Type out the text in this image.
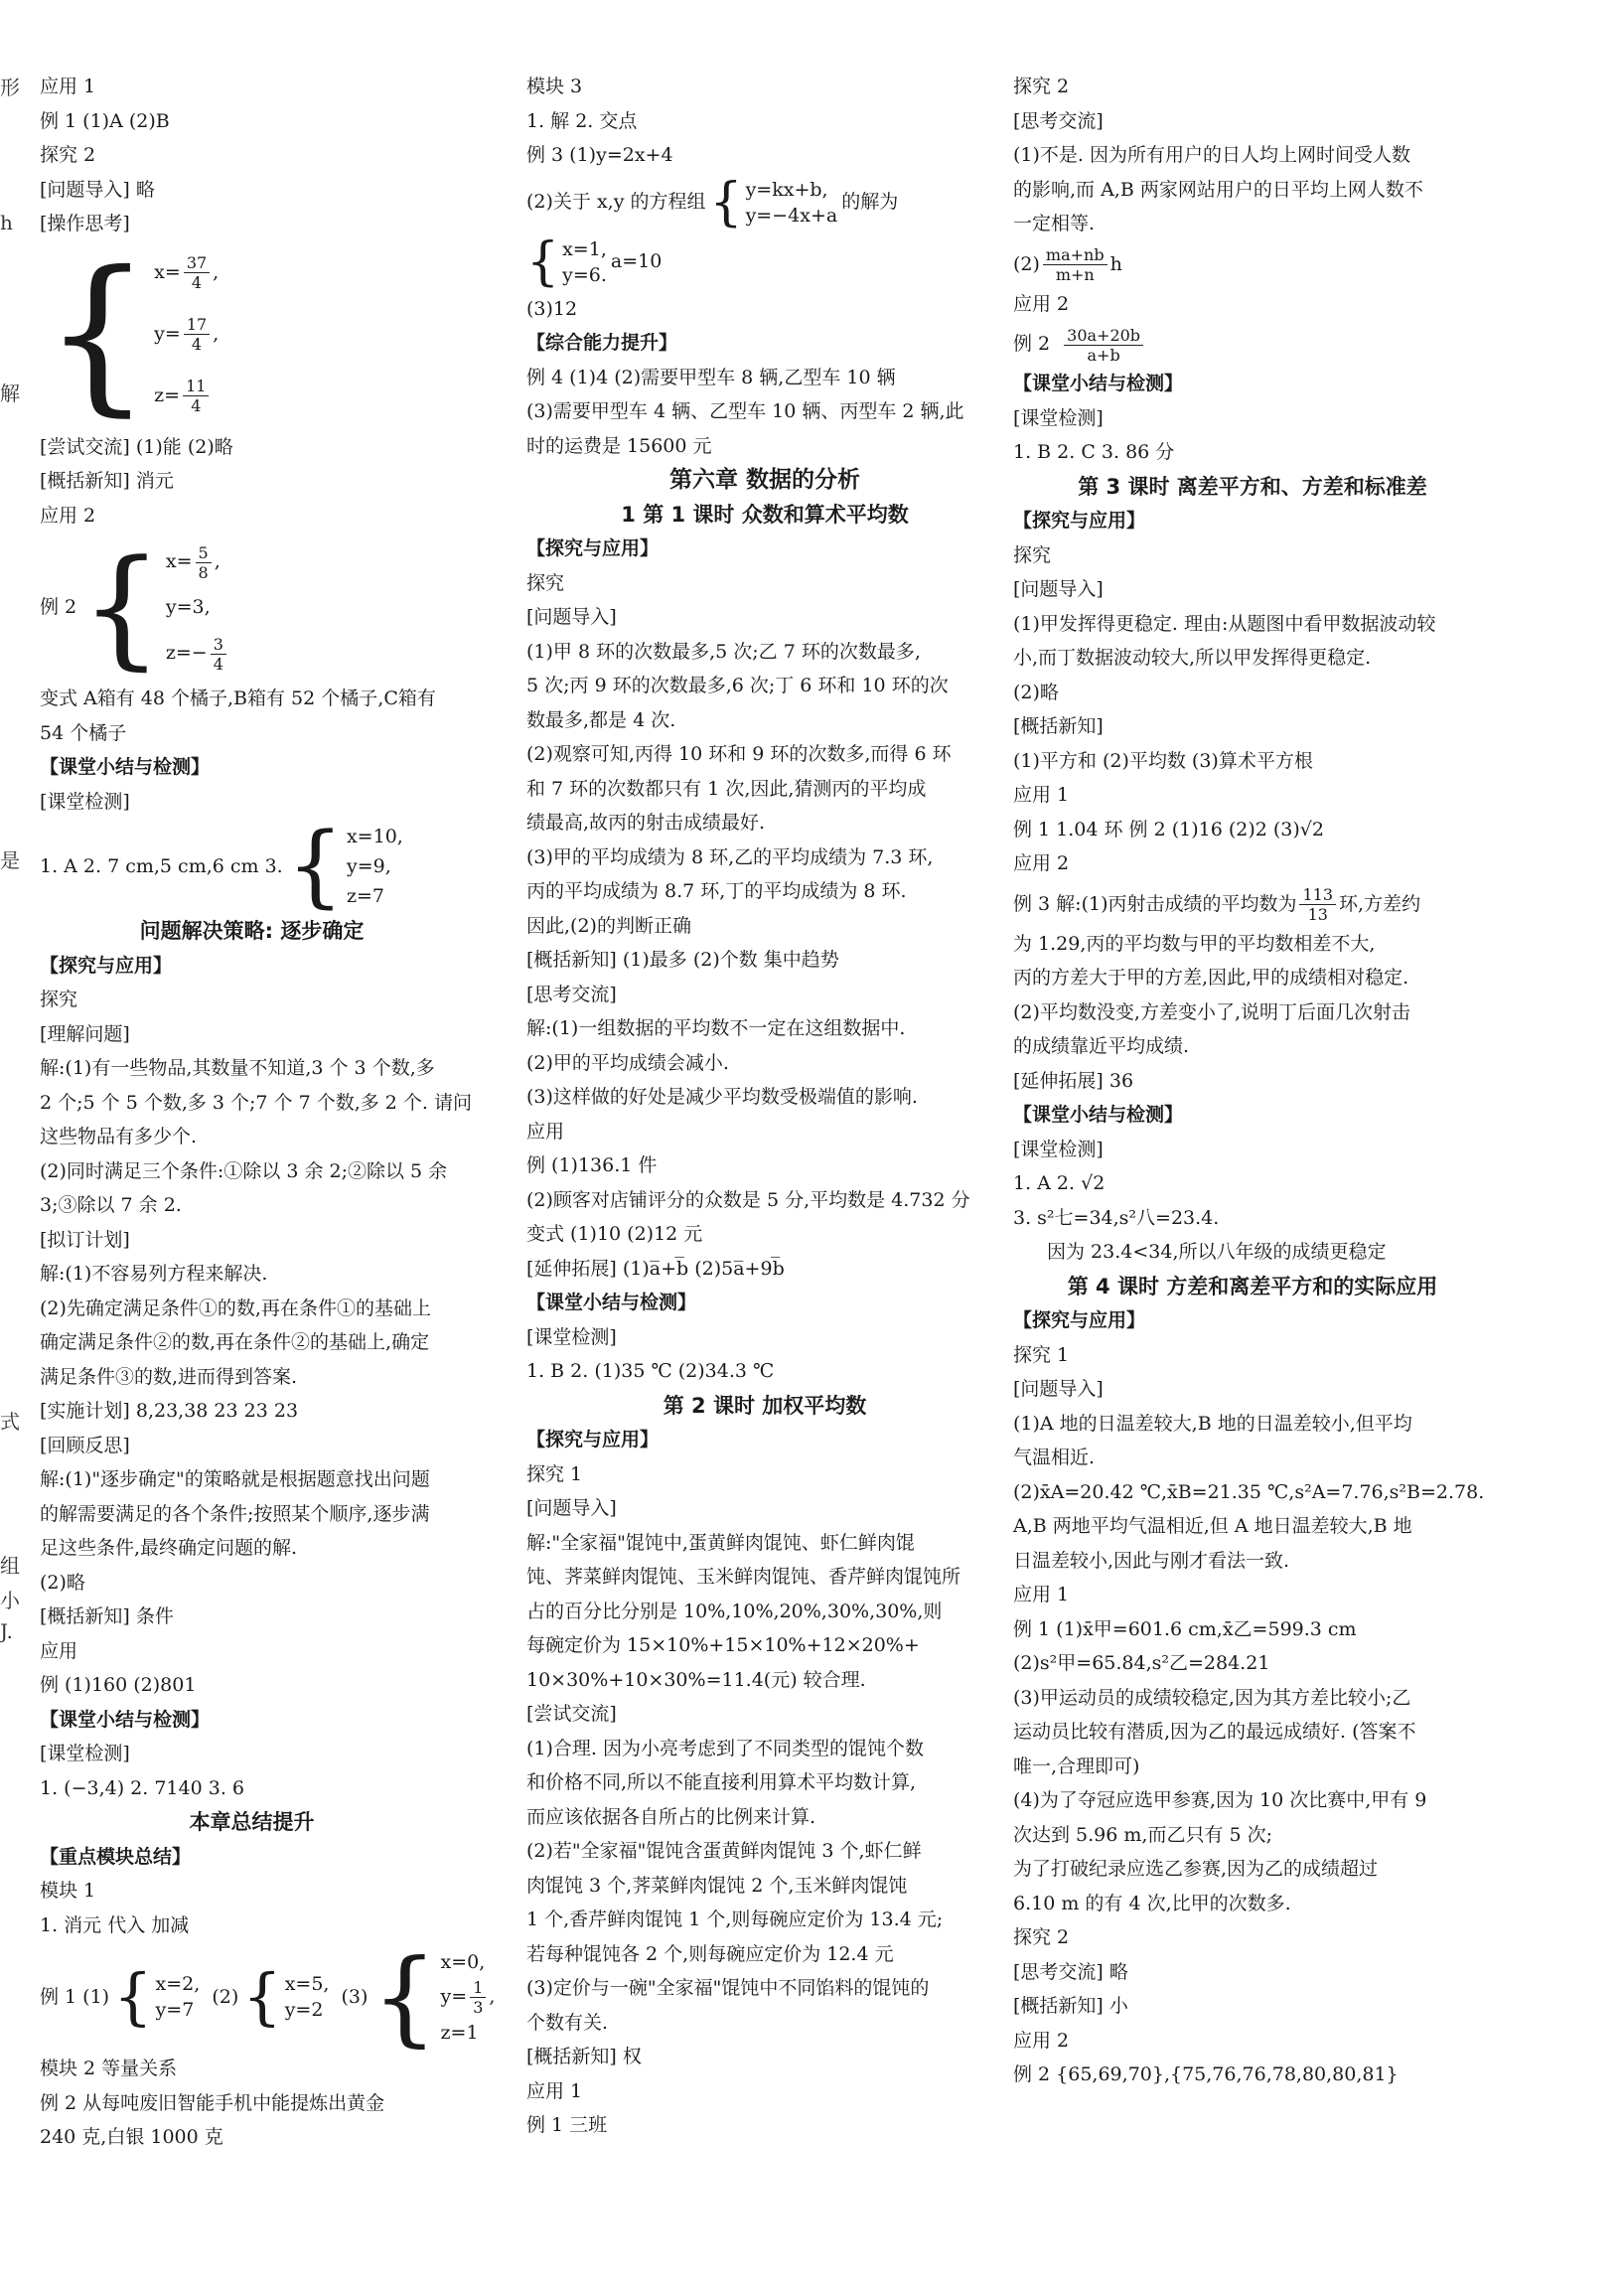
形
h
解
是
式
组
小
J.
应用 1
例 1 (1)A (2)B
探究 2
[问题导入] 略
[操作思考]
{ $x= \frac{37}{4}$ ,
$y= \frac{17}{4}$ ,
$z= \frac{11}{4}$
[尝试交流] (1)能 (2)略
[概括新知] 消元
应用 2
例 2 { $x= \frac{5}{8}$ ,
y=3,
$z=- \frac{3}{4}$
变式 A箱有 48 个橘子,B箱有 52 个橘子,C箱有
54 个橘子
【课堂小结与检测】
[课堂检测]
1. A 2. 7 cm,5 cm,6 cm 3. { x=10,
y=9,
z=7
问题解决策略: 逐步确定
【探究与应用】
探究
[理解问题]
解:(1)有一些物品,其数量不知道,3 个 3 个数,多
2 个;5 个 5 个数,多 3 个;7 个 7 个数,多 2 个. 请问
这些物品有多少个.
(2)同时满足三个条件:①除以 3 余 2;②除以 5 余
3;③除以 7 余 2.
[拟订计划]
解:(1)不容易列方程来解决.
(2)先确定满足条件①的数,再在条件①的基础上
确定满足条件②的数,再在条件②的基础上,确定
满足条件③的数,进而得到答案.
[实施计划] 8,23,38 23 23 23
[回顾反思]
解:(1)"逐步确定"的策略就是根据题意找出问题
的解需要满足的各个条件;按照某个顺序,逐步满
足这些条件,最终确定问题的解.
(2)略
[概括新知] 条件
应用
例 (1)160 (2)801
【课堂小结与检测】
[课堂检测]
1. (−3,4) 2. 7140 3. 6
本章总结提升
【重点模块总结】
模块 1
1. 消元 代入 加减
例 1 (1) { x=2,
y=7
(2) { x=5,
y=2
(3) { x=0,
$y= \frac{1}{3}$ ,
z=1
模块 2 等量关系
例 2 从每吨废旧智能手机中能提炼出黄金
240 克,白银 1000 克
模块 3
1. 解 2. 交点
例 3 (1)y=2x+4
(2)关于 x,y 的方程组 { y=kx+b,
y=−4x+a
的解为
{ x=1,
y=6.
a=10
(3)12
【综合能力提升】
例 4 (1)4 (2)需要甲型车 8 辆,乙型车 10 辆
(3)需要甲型车 4 辆、乙型车 10 辆、丙型车 2 辆,此
时的运费是 15600 元
第六章 数据的分析
1 第 1 课时 众数和算术平均数
【探究与应用】
探究
[问题导入]
(1)甲 8 环的次数最多,5 次;乙 7 环的次数最多,
5 次;丙 9 环的次数最多,6 次;丁 6 环和 10 环的次
数最多,都是 4 次.
(2)观察可知,丙得 10 环和 9 环的次数多,而得 6 环
和 7 环的次数都只有 1 次,因此,猜测丙的平均成
绩最高,故丙的射击成绩最好.
(3)甲的平均成绩为 8 环,乙的平均成绩为 7.3 环,
丙的平均成绩为 8.7 环,丁的平均成绩为 8 环.
因此,(2)的判断正确
[概括新知] (1)最多 (2)个数 集中趋势
[思考交流]
解:(1)一组数据的平均数不一定在这组数据中.
(2)甲的平均成绩会减小.
(3)这样做的好处是减少平均数受极端值的影响.
应用
例 (1)136.1 件
(2)顾客对店铺评分的众数是 5 分,平均数是 4.732 分
变式 (1)10 (2)12 元
[延伸拓展] (1)a̅+b̅ (2)5a̅+9b̅
【课堂小结与检测】
[课堂检测]
1. B 2. (1)35 ℃ (2)34.3 ℃
第 2 课时 加权平均数
【探究与应用】
探究 1
[问题导入]
解:"全家福"馄饨中,蛋黄鲜肉馄饨、虾仁鲜肉馄
饨、荠菜鲜肉馄饨、玉米鲜肉馄饨、香芹鲜肉馄饨所
占的百分比分别是 10%,10%,20%,30%,30%,则
每碗定价为 15×10%+15×10%+12×20%+
10×30%+10×30%=11.4(元) 较合理.
[尝试交流]
(1)合理. 因为小亮考虑到了不同类型的馄饨个数
和价格不同,所以不能直接利用算术平均数计算,
而应该依据各自所占的比例来计算.
(2)若"全家福"馄饨含蛋黄鲜肉馄饨 3 个,虾仁鲜
肉馄饨 3 个,荠菜鲜肉馄饨 2 个,玉米鲜肉馄饨
1 个,香芹鲜肉馄饨 1 个,则每碗应定价为 13.4 元;
若每种馄饨各 2 个,则每碗应定价为 12.4 元
(3)定价与一碗"全家福"馄饨中不同馅料的馄饨的
个数有关.
[概括新知] 权
应用 1
例 1 三班
探究 2
[思考交流]
(1)不是. 因为所有用户的日人均上网时间受人数
的影响,而 A,B 两家网站用户的日平均上网人数不
一定相等.
$(2) \frac{ma+nb}{m+n}$ h
应用 2
例 $2 \frac{30a+20b}{a+b}$
【课堂小结与检测】
[课堂检测]
1. B 2. C 3. 86 分
第 3 课时 离差平方和、方差和标准差
【探究与应用】
探究
[问题导入]
(1)甲发挥得更稳定. 理由:从题图中看甲数据波动较
小,而丁数据波动较大,所以甲发挥得更稳定.
(2)略
[概括新知]
(1)平方和 (2)平均数 (3)算术平方根
应用 1
例 1 1.04 环 例 2 (1)16 (2)2 (3)√2
应用 2
例 3 解:(1)丙射击成绩的平均数为 $\frac{113}{13}$ 环,方差约
为 1.29,丙的平均数与甲的平均数相差不大,
丙的方差大于甲的方差,因此,甲的成绩相对稳定.
(2)平均数没变,方差变小了,说明丁后面几次射击
的成绩靠近平均成绩.
[延伸拓展] 36
【课堂小结与检测】
[课堂检测]
1. A 2. √2
3. s²七=34,s²八=23.4.
因为 23.4<34,所以八年级的成绩更稳定
第 4 课时 方差和离差平方和的实际应用
【探究与应用】
探究 1
[问题导入]
(1)A 地的日温差较大,B 地的日温差较小,但平均
气温相近.
(2)x̄A=20.42 ℃,x̄B=21.35 ℃,s²A=7.76,s²B=2.78.
A,B 两地平均气温相近,但 A 地日温差较大,B 地
日温差较小,因此与刚才看法一致.
应用 1
例 1 (1)x̄甲=601.6 cm,x̄乙=599.3 cm
(2)s²甲=65.84,s²乙=284.21
(3)甲运动员的成绩较稳定,因为其方差比较小;乙
运动员比较有潜质,因为乙的最远成绩好. (答案不
唯一,合理即可)
(4)为了夺冠应选甲参赛,因为 10 次比赛中,甲有 9
次达到 5.96 m,而乙只有 5 次;
为了打破纪录应选乙参赛,因为乙的成绩超过
6.10 m 的有 4 次,比甲的次数多.
探究 2
[思考交流] 略
[概括新知] 小
应用 2
例 2 {65,69,70},{75,76,76,78,80,80,81}
